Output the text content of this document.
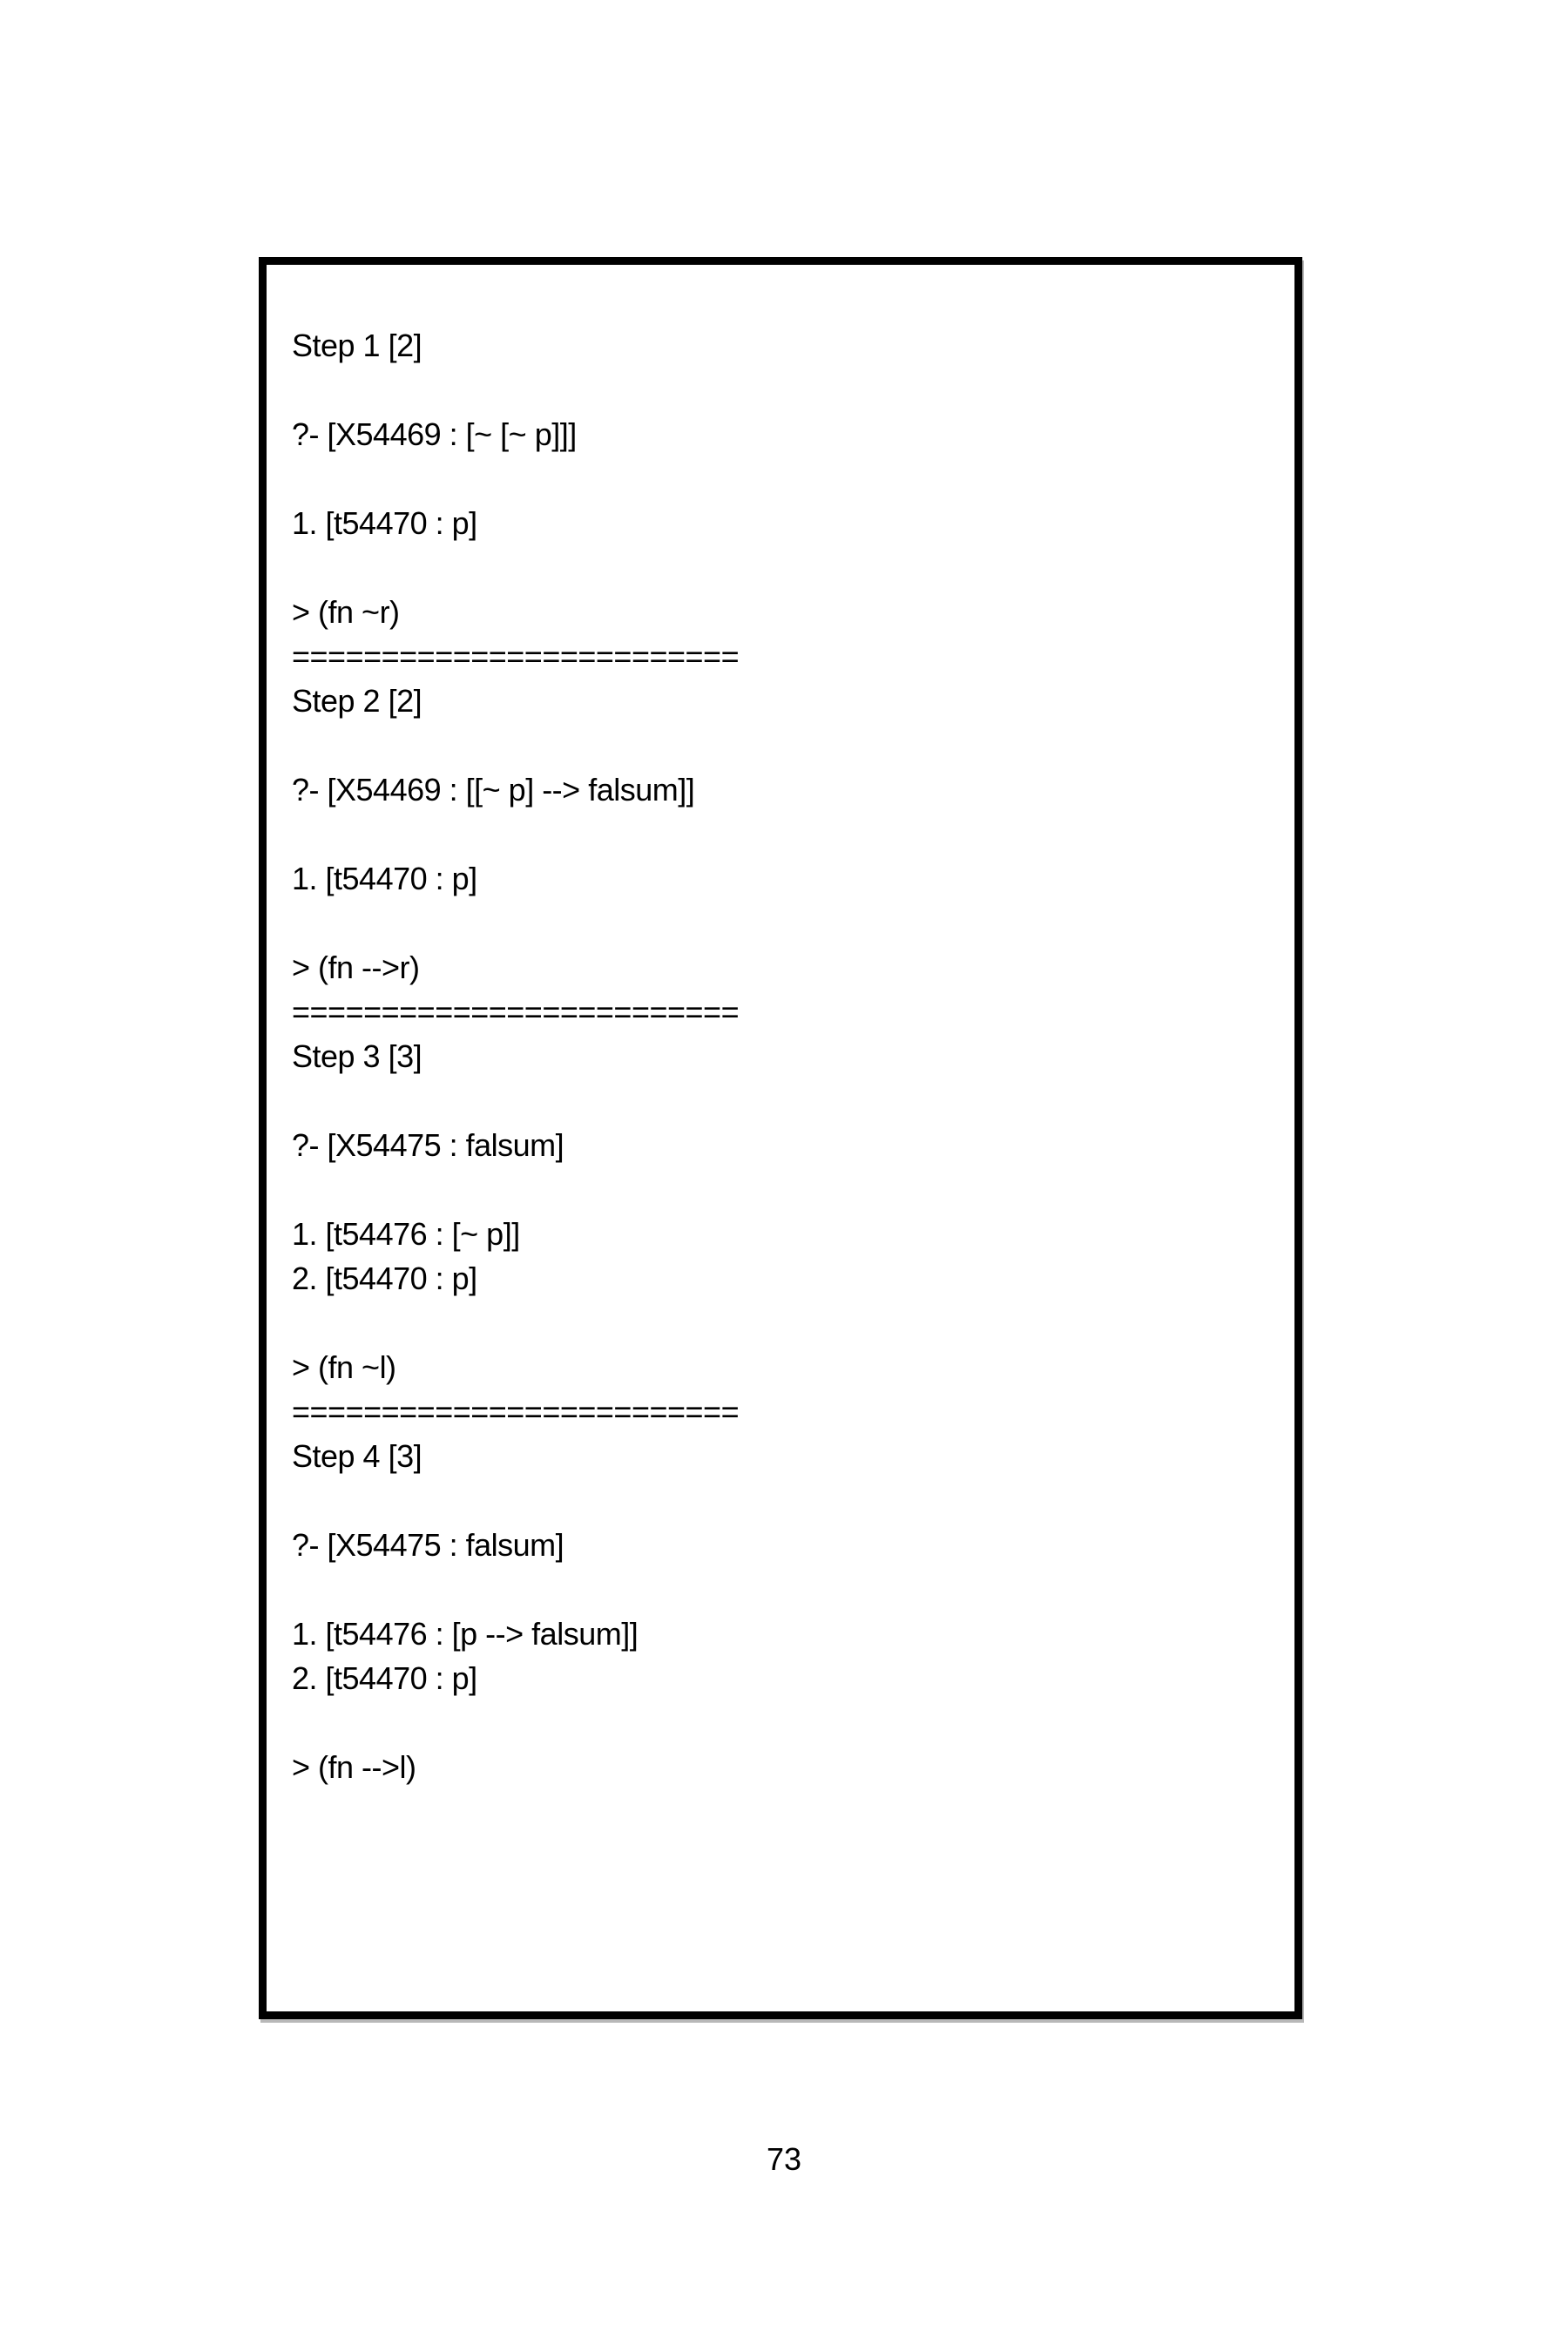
Step 1 [2]
?- [X54469 : [~ [~ p]]]
1. [t54470 : p]
> (fn ~r)
=========================
Step 2 [2]
?- [X54469 : [[~ p] --> falsum]]
1. [t54470 : p]
> (fn -->r)
=========================
Step 3 [3]
?- [X54475 : falsum]
1. [t54476 : [~ p]]
2. [t54470 : p]
> (fn ~l)
=========================
Step 4 [3]
?- [X54475 : falsum]
1. [t54476 : [p --> falsum]]
2. [t54470 : p]
> (fn -->l)
73
